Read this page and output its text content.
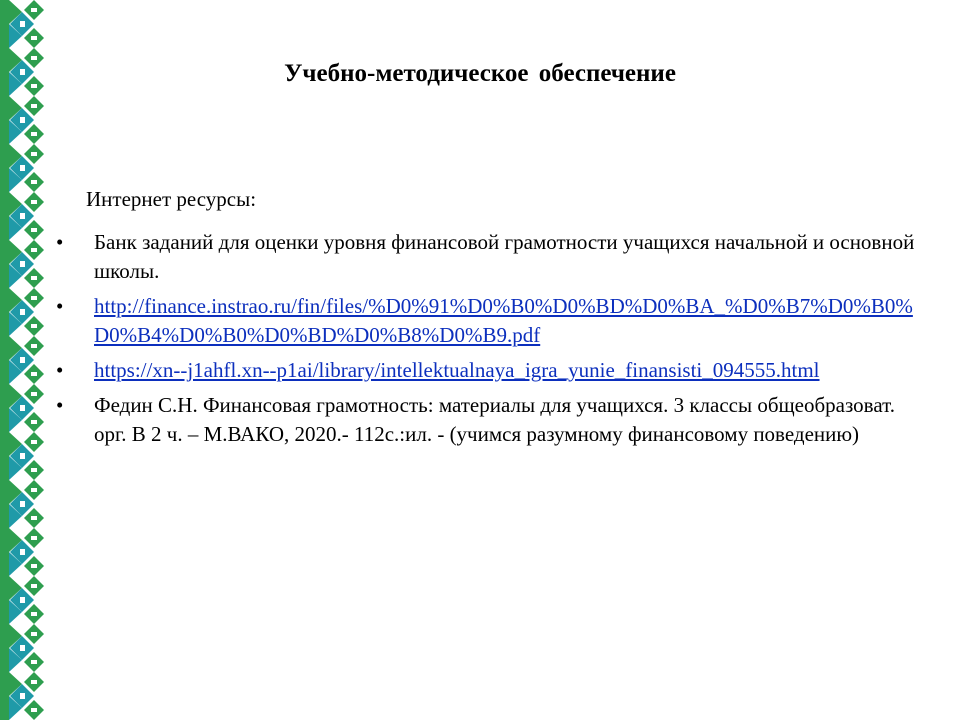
Учебно-методическое обеспечение
Интернет ресурсы:
•	Банк заданий для оценки уровня финансовой грамотности учащихся начальной и основной школы.
•	http://finance.instrao.ru/fin/files/%D0%91%D0%B0%D0%BD%D0%BA_%D0%B7%D0%B0%D0%B4%D0%B0%D0%BD%D0%B8%D0%B9.pdf
•	https://xn--j1ahfl.xn--p1ai/library/intellektualnaya_igra_yunie_finansisti_094555.html
•	Федин С.Н. Финансовая грамотность: материалы для учащихся. 3 классы общеобразоват. орг. В 2 ч. – М.ВАКО, 2020.- 112с.:ил. - (учимся разумному финансовому поведению)
